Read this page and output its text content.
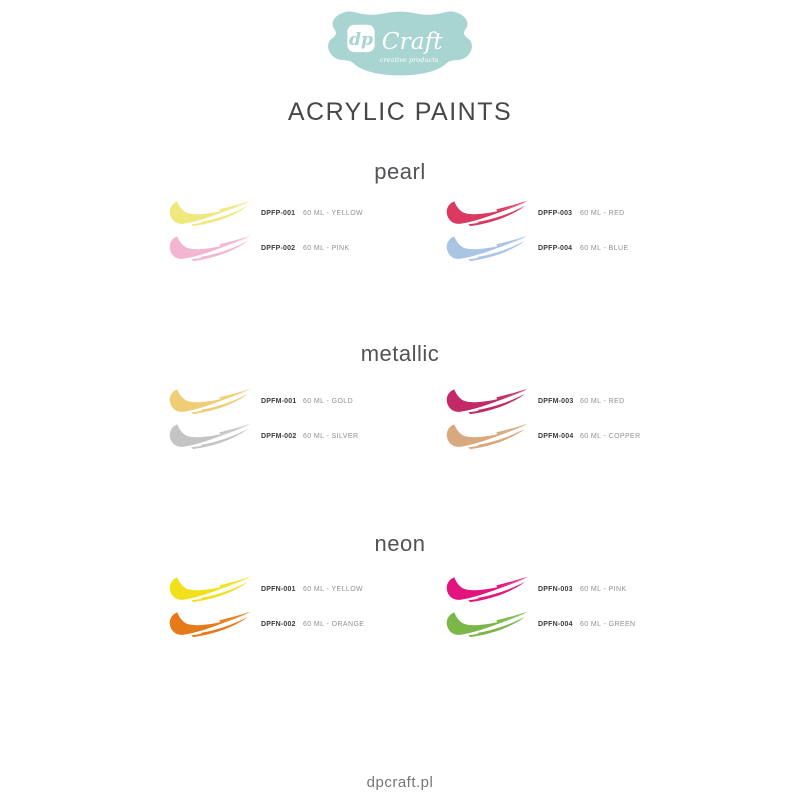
dp Craft
creative products
ACRYLIC PAINTS
pearl
DPFP-001	60 ML - YELLOW
DPFP-002	60 ML - PINK
DPFP-003	60 ML - RED
DPFP-004	60 ML - BLUE
metallic
DPFM-001 60 ML - GOLD
DPFM-002 60 ML - SILVER
DPFM-003 60 ML - RED
DPFM-004 60 ML - COPPER
neon
DPFN-001	60 ML - YELLOW
DPFN-002	60 ML - ORANGE
DPFN-003	60 ML - PINK
DPFN-004	60 ML - GREEN
dpcraft.pl
